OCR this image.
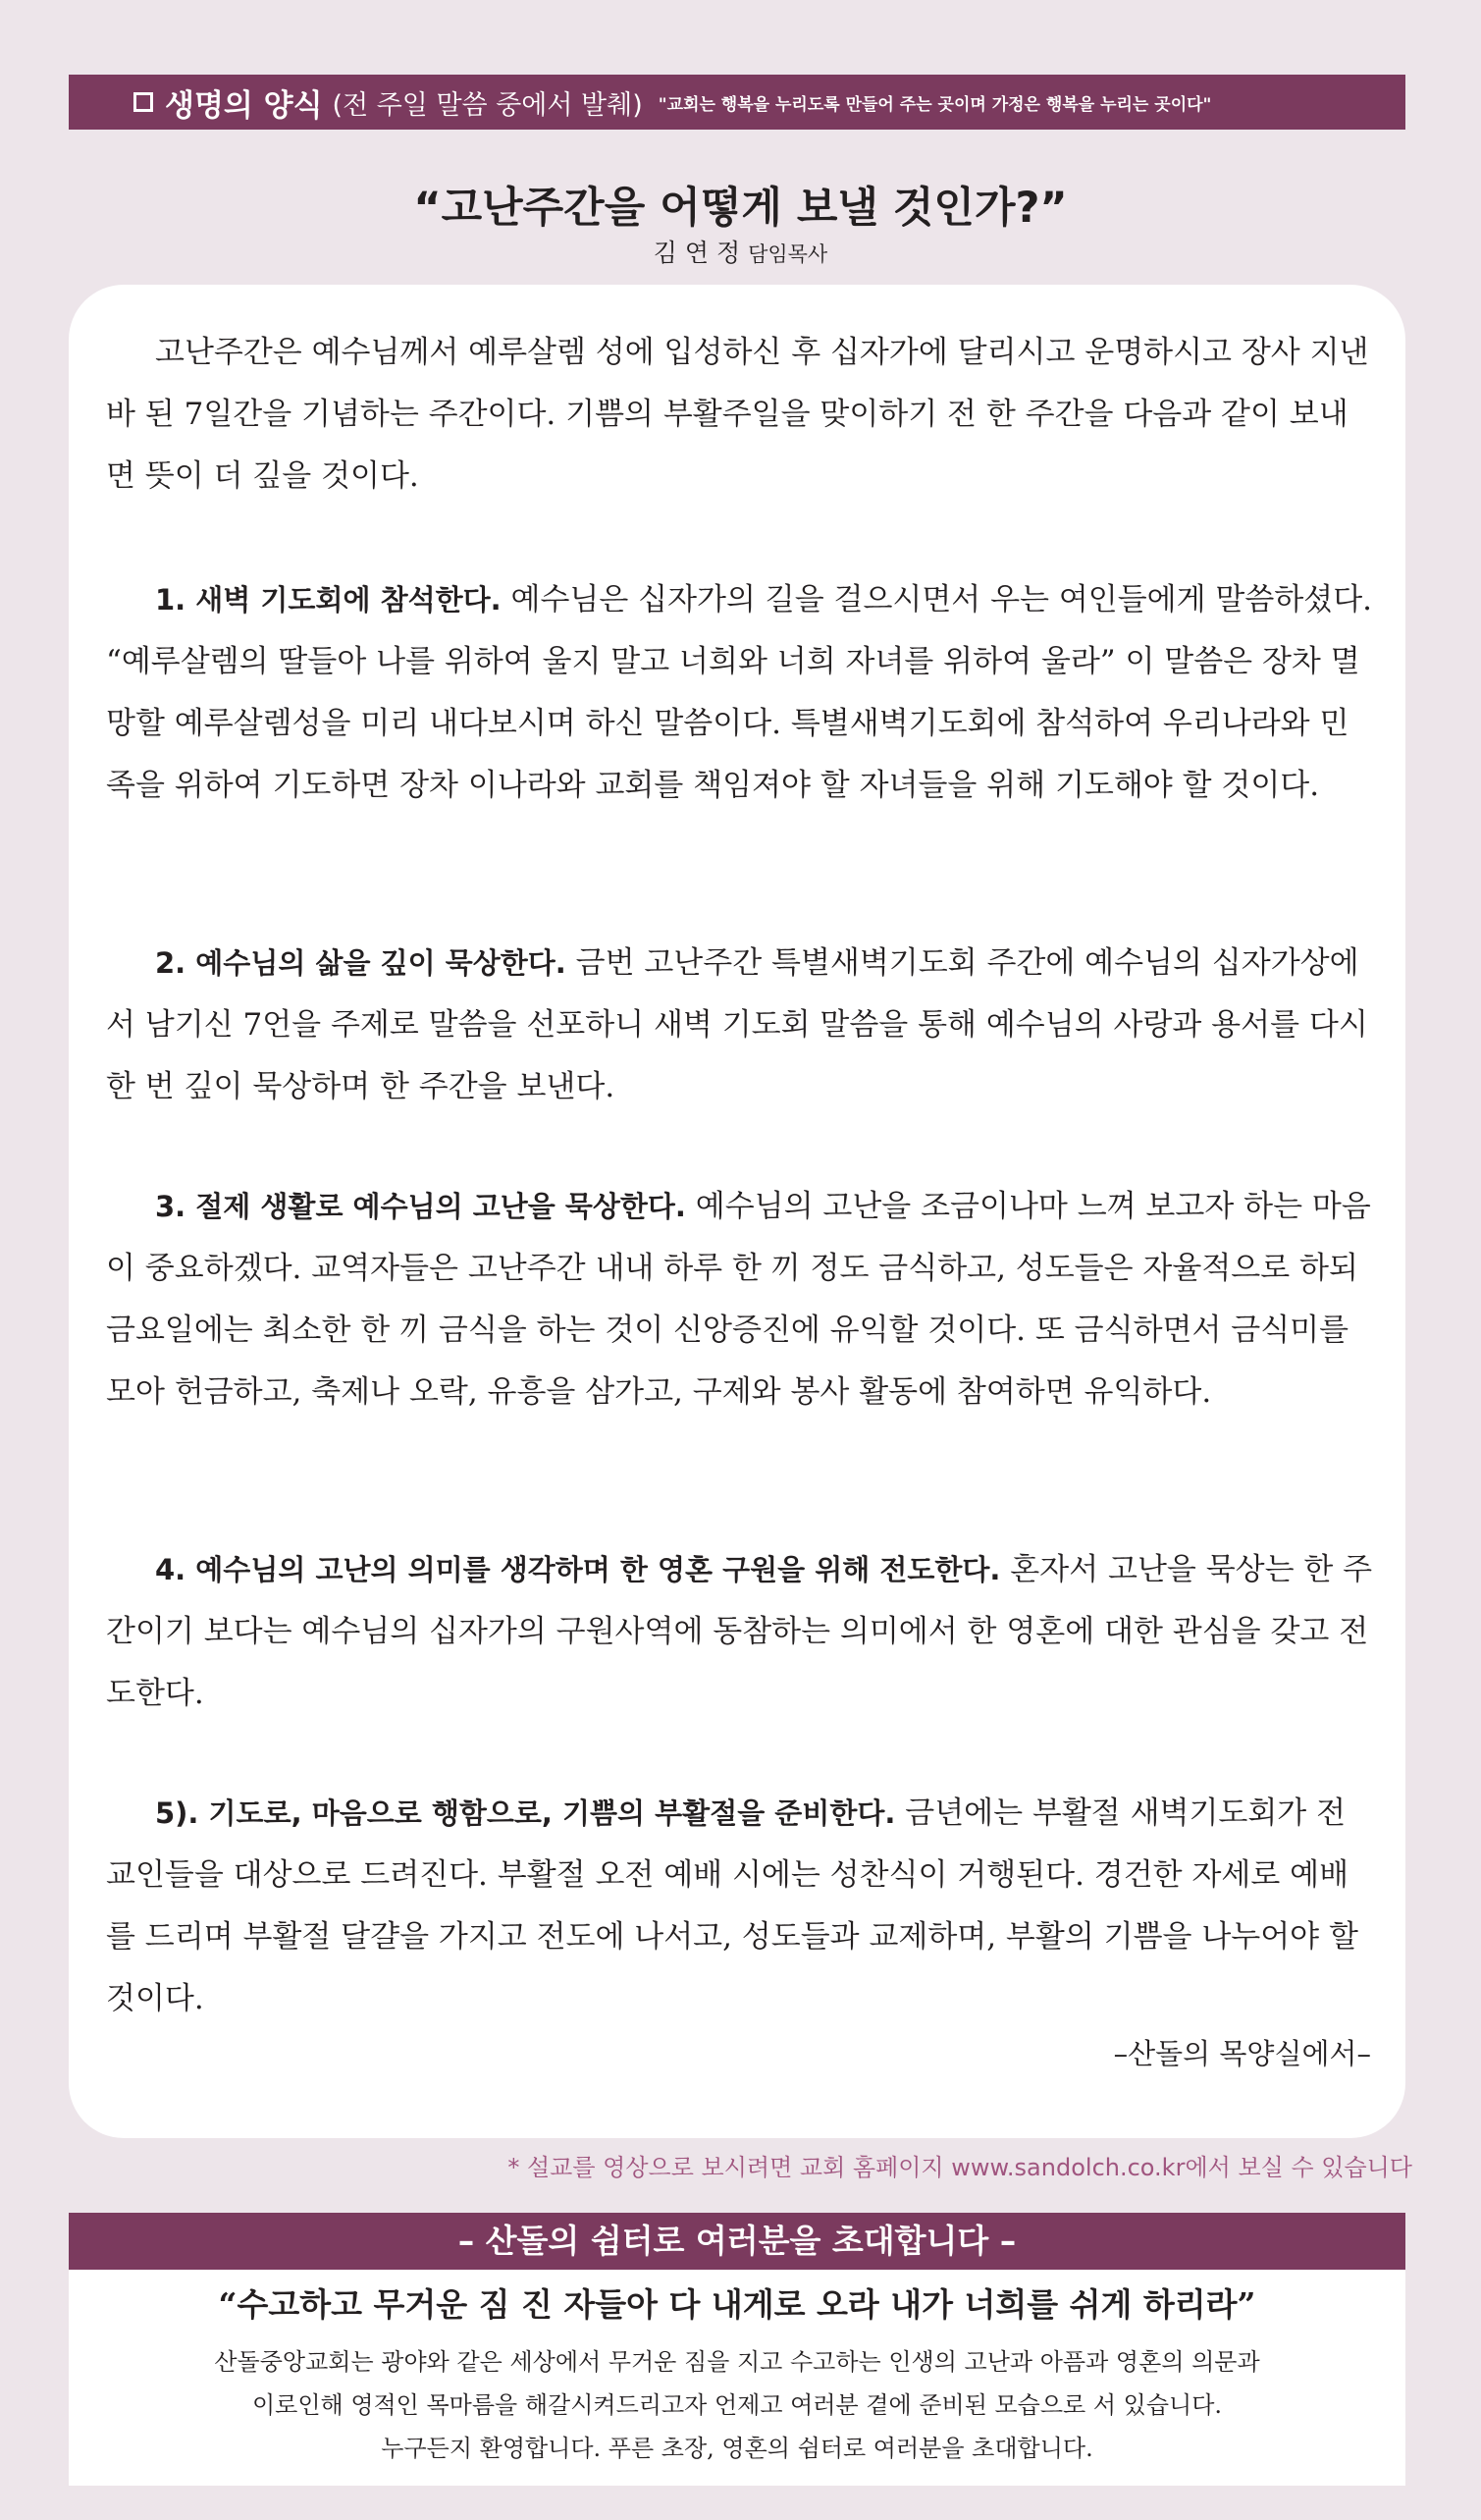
생명의 양식 (전 주일 말씀 중에서 발췌) "교회는 행복을 누리도록 만들어 주는 곳이며 가정은 행복을 누리는 곳이다"
“고난주간을 어떻게 보낼 것인가?”
김 연 정 담임목사

고난주간은 예수님께서 예루살렘 성에 입성하신 후 십자가에 달리시고 운명하시고 장사 지낸 바 된 7일간을 기념하는 주간이다. 기쁨의 부활주일을 맞이하기 전 한 주간을 다음과 같이 보내면 뜻이 더 깊을 것이다.

1. 새벽 기도회에 참석한다. 예수님은 십자가의 길을 걸으시면서 우는 여인들에게 말씀하셨다. “예루살렘의 딸들아 나를 위하여 울지 말고 너희와 너희 자녀를 위하여 울라” 이 말씀은 장차 멸망할 예루살렘성을 미리 내다보시며 하신 말씀이다. 특별새벽기도회에 참석하여 우리나라와 민족을 위하여 기도하면 장차 이나라와 교회를 책임져야 할 자녀들을 위해 기도해야 할 것이다.

2. 예수님의 삶을 깊이 묵상한다. 금번 고난주간 특별새벽기도회 주간에 예수님의 십자가상에서 남기신 7언을 주제로 말씀을 선포하니 새벽 기도회 말씀을 통해 예수님의 사랑과 용서를 다시 한 번 깊이 묵상하며 한 주간을 보낸다.

3. 절제 생활로 예수님의 고난을 묵상한다. 예수님의 고난을 조금이나마 느껴 보고자 하는 마음이 중요하겠다. 교역자들은 고난주간 내내 하루 한 끼 정도 금식하고, 성도들은 자율적으로 하되 금요일에는 최소한 한 끼 금식을 하는 것이 신앙증진에 유익할 것이다. 또 금식하면서 금식미를 모아 헌금하고, 축제나 오락, 유흥을 삼가고, 구제와 봉사 활동에 참여하면 유익하다.

4. 예수님의 고난의 의미를 생각하며 한 영혼 구원을 위해 전도한다. 혼자서 고난을 묵상는 한 주간이기 보다는 예수님의 십자가의 구원사역에 동참하는 의미에서 한 영혼에 대한 관심을 갖고 전도한다.

5). 기도로, 마음으로 행함으로, 기쁨의 부활절을 준비한다. 금년에는 부활절 새벽기도회가 전교인들을 대상으로 드려진다. 부활절 오전 예배 시에는 성찬식이 거행된다. 경건한 자세로 예배를 드리며 부활절 달걀을 가지고 전도에 나서고, 성도들과 교제하며, 부활의 기쁨을 나누어야 할것이다.

–산돌의 목양실에서–
* 설교를 영상으로 보시려면 교회 홈페이지 www.sandolch.co.kr에서 보실 수 있습니다
– 산돌의 쉼터로 여러분을 초대합니다 –
“수고하고 무거운 짐 진 자들아 다 내게로 오라 내가 너희를 쉬게 하리라”
산돌중앙교회는 광야와 같은 세상에서 무거운 짐을 지고 수고하는 인생의 고난과 아픔과 영혼의 의문과
이로인해 영적인 목마름을 해갈시켜드리고자 언제고 여러분 곁에 준비된 모습으로 서 있습니다.
누구든지 환영합니다. 푸른 초장, 영혼의 쉼터로 여러분을 초대합니다.
